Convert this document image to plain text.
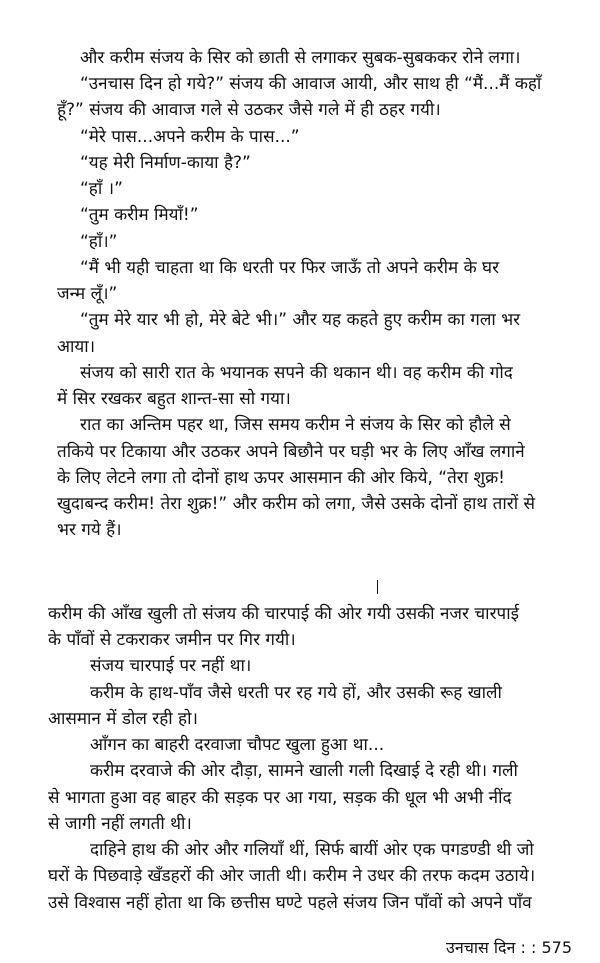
और करीम संजय के सिर को छाती से लगाकर सुबक-सुबककर रोने लगा।
“उनचास दिन हो गये?” संजय की आवाज आयी, और साथ ही “मैं...मैं कहाँ
हूँ?” संजय की आवाज गले से उठकर जैसे गले में ही ठहर गयी।
“मेरे पास...अपने करीम के पास...”
“यह मेरी निर्माण-काया है?”
“हाँ ।”
“तुम करीम मियाँ!”
“हाँ।”
“मैं भी यही चाहता था कि धरती पर फिर जाऊँ तो अपने करीम के घर
जन्म लूँ।”
“तुम मेरे यार भी हो, मेरे बेटे भी।” और यह कहते हुए करीम का गला भर
आया।
संजय को सारी रात के भयानक सपने की थकान थी। वह करीम की गोद
में सिर रखकर बहुत शान्त-सा सो गया।
रात का अन्तिम पहर था, जिस समय करीम ने संजय के सिर को हौले से
तकिये पर टिकाया और उठकर अपने बिछौने पर घड़ी भर के लिए आँख लगाने
के लिए लेटने लगा तो दोनों हाथ ऊपर आसमान की ओर किये, “तेरा शुक्र!
खुदाबन्द करीम! तेरा शुक्र!” और करीम को लगा, जैसे उसके दोनों हाथ तारों से
भर गये हैं।
करीम की आँख खुली तो संजय की चारपाई की ओर गयी उसकी नजर चारपाई
के पाँवों से टकराकर जमीन पर गिर गयी।
संजय चारपाई पर नहीं था।
करीम के हाथ-पाँव जैसे धरती पर रह गये हों, और उसकी रूह खाली
आसमान में डोल रही हो।
आँगन का बाहरी दरवाजा चौपट खुला हुआ था...
करीम दरवाजे की ओर दौड़ा, सामने खाली गली दिखाई दे रही थी। गली
से भागता हुआ वह बाहर की सड़क पर आ गया, सड़क की धूल भी अभी नींद
से जागी नहीं लगती थी।
दाहिने हाथ की ओर और गलियाँ थीं, सिर्फ बायीं ओर एक पगडण्डी थी जो
घरों के पिछवाड़े खँडहरों की ओर जाती थी। करीम ने उधर की तरफ कदम उठाये।
उसे विश्वास नहीं होता था कि छत्तीस घण्टे पहले संजय जिन पाँवों को अपने पाँव
उनचास दिन : : 575
